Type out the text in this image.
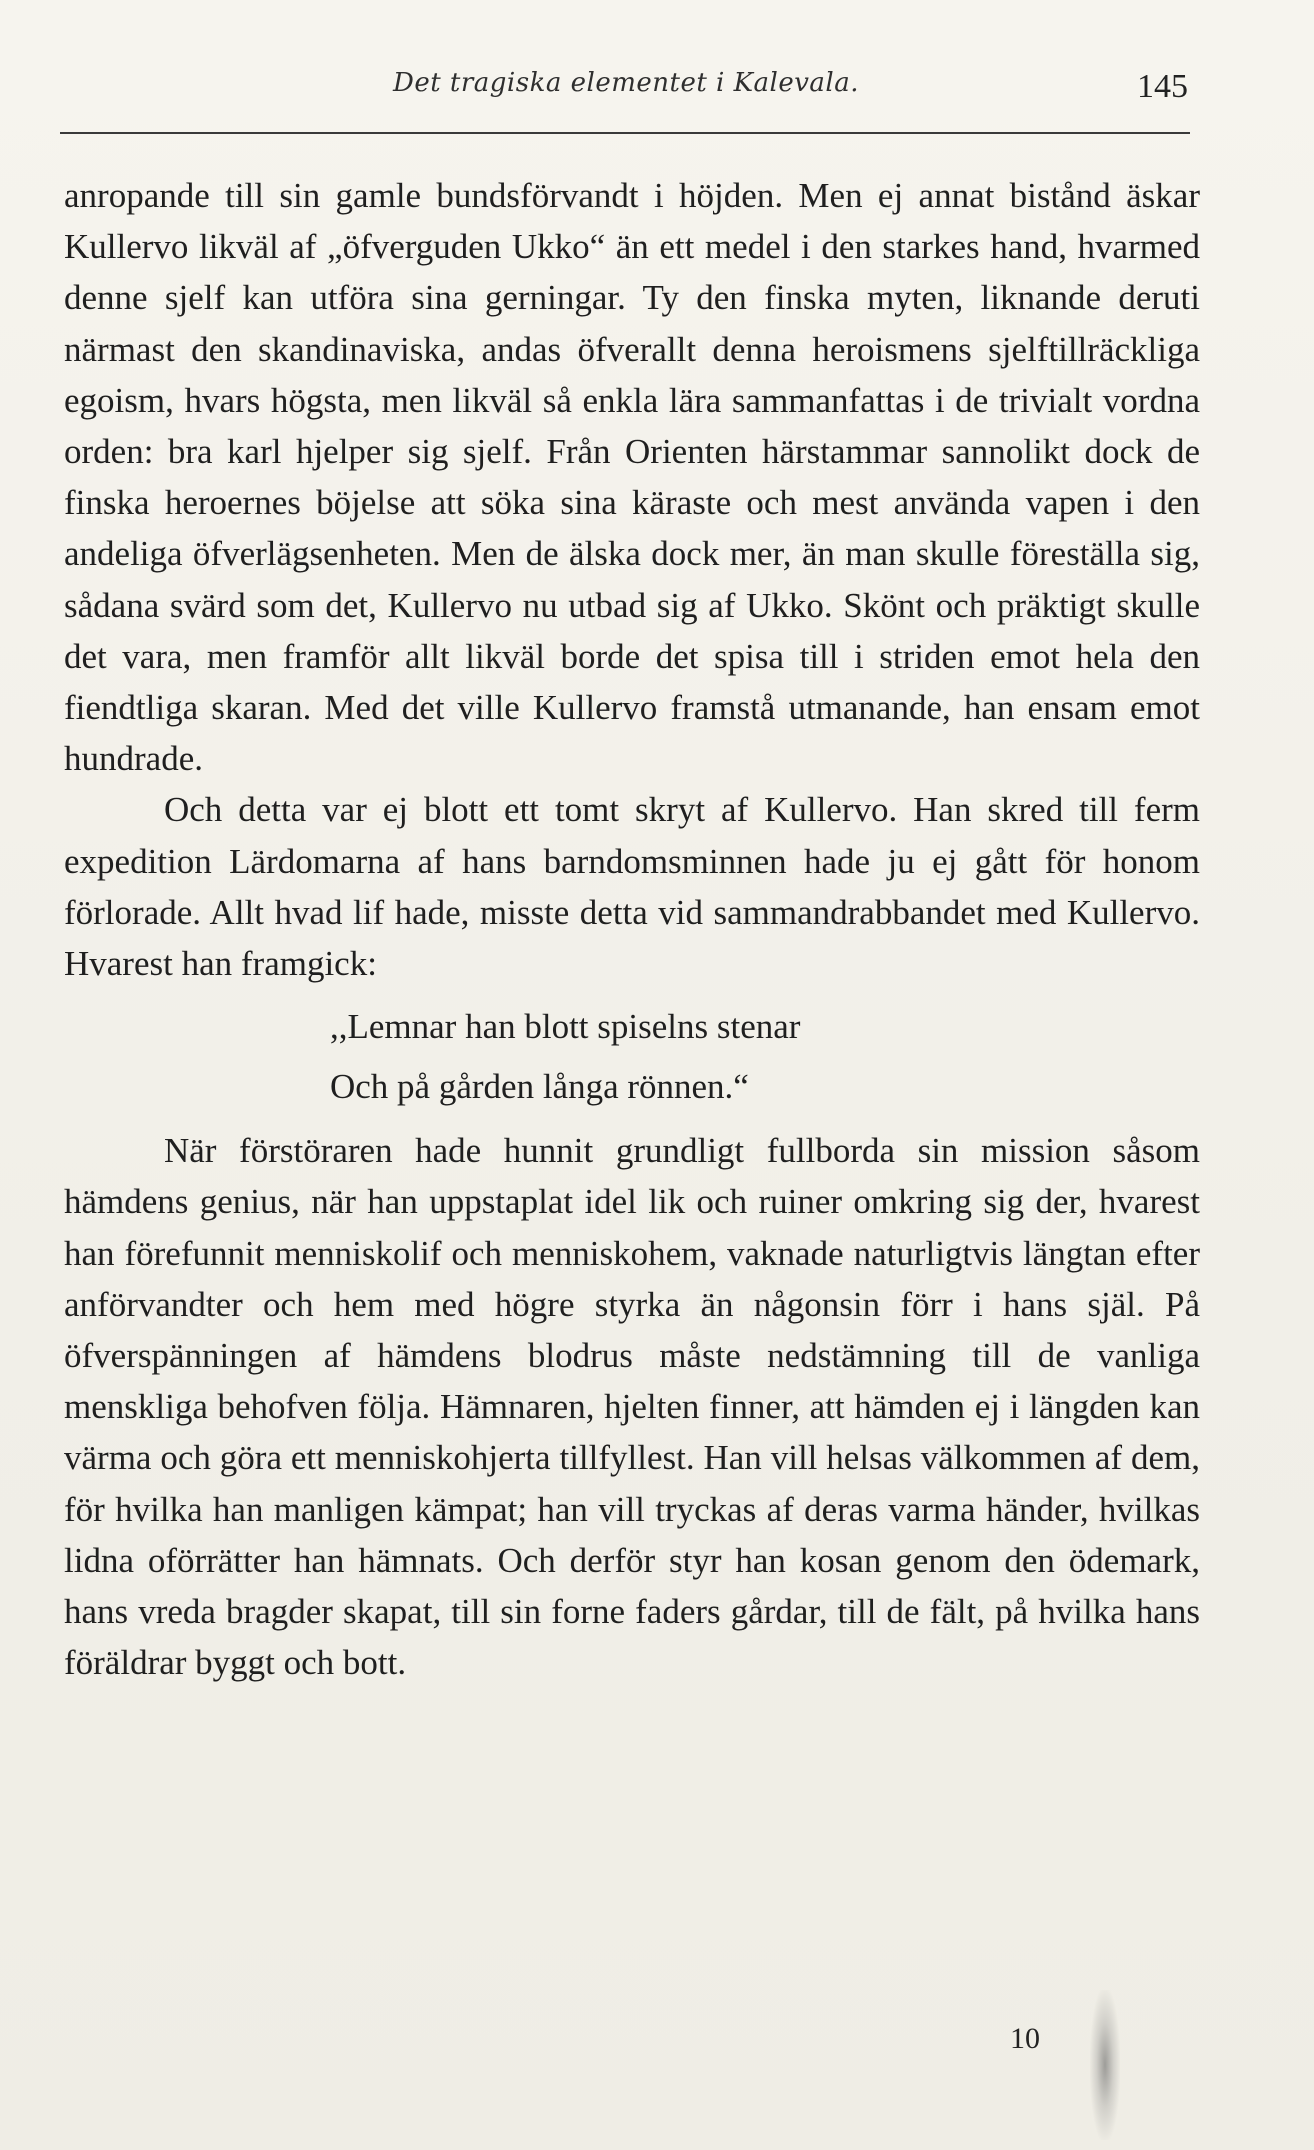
Det tragiska elementet i Kalevala.	145

anropande till sin gamle bundsförvandt i höjden. Men ej annat bistånd äskar Kullervo likväl af „öfverguden Ukko“ än ett medel i den starkes hand, hvarmed denne sjelf kan utföra sina gerningar. Ty den finska myten, liknande deruti närmast den skandinaviska, andas öfverallt denna heroismens sjelftillräckliga egoism, hvars högsta, men likväl så enkla lära sammanfattas i de trivialt vordna orden: bra karl hjelper sig sjelf. Från Orienten härstammar sannolikt dock de finska heroernes böjelse att söka sina käraste och mest använda vapen i den andeliga öfverlägsenheten. Men de älska dock mer, än man skulle föreställa sig, sådana svärd som det, Kullervo nu utbad sig af Ukko. Skönt och präktigt skulle det vara, men framför allt likväl borde det spisa till i striden emot hela den fiendtliga skaran. Med det ville Kullervo framstå utmanande, han ensam emot hundrade.

Och detta var ej blott ett tomt skryt af Kullervo. Han skred till ferm expedition Lärdomarna af hans barndomsminnen hade ju ej gått för honom förlorade. Allt hvad lif hade, misste detta vid sammandrabbandet med Kullervo. Hvarest han framgick:

,,Lemnar han blott spiselns stenar
Och på gården långa rönnen.“

När förstöraren hade hunnit grundligt fullborda sin mission såsom hämdens genius, när han uppstaplat idel lik och ruiner omkring sig der, hvarest han förefunnit menniskolif och menniskohem, vaknade naturligtvis längtan efter anförvandter och hem med högre styrka än någonsin förr i hans själ. På öfverspänningen af hämdens blodrus måste nedstämning till de vanliga menskliga behofven följa. Hämnaren, hjelten finner, att hämden ej i längden kan värma och göra ett menniskohjerta tillfyllest. Han vill helsas välkommen af dem, för hvilka han manligen kämpat; han vill tryckas af deras varma händer, hvilkas lidna oförrätter han hämnats. Och derför styr han kosan genom den ödemark, hans vreda bragder skapat, till sin forne faders gårdar, till de fält, på hvilka hans föräldrar byggt och bott.

10
